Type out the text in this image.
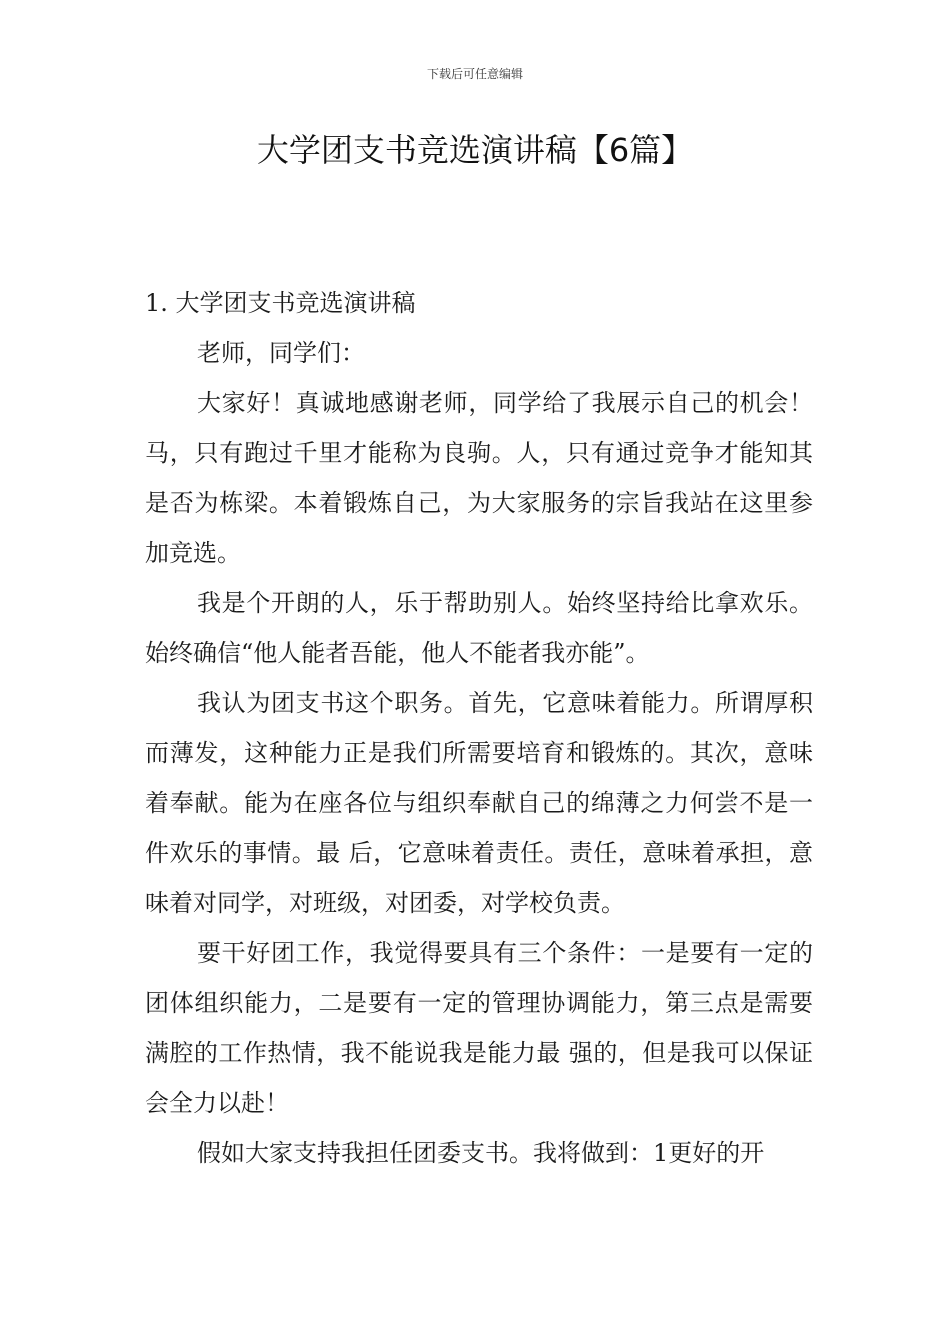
下载后可任意编辑
大学团支书竞选演讲稿【6篇】
1. 大学团支书竞选演讲稿

老师，同学们：

大家好！真诚地感谢老师，同学给了我展示自己的机会！马，只有跑过千里才能称为良驹。人，只有通过竞争才能知其是否为栋梁。本着锻炼自己，为大家服务的宗旨我站在这里参加竞选。

我是个开朗的人，乐于帮助别人。始终坚持给比拿欢乐。始终确信“他人能者吾能，他人不能者我亦能”。

我认为团支书这个职务。首先，它意味着能力。所谓厚积而薄发，这种能力正是我们所需要培育和锻炼的。其次，意味着奉献。能为在座各位与组织奉献自己的绵薄之力何尝不是一件欢乐的事情。最 后，它意味着责任。责任，意味着承担，意味着对同学，对班级，对团委，对学校负责。

要干好团工作，我觉得要具有三个条件：一是要有一定的团体组织能力，二是要有一定的管理协调能力，第三点是需要满腔的工作热情，我不能说我是能力最 强的，但是我可以保证会全力以赴！

假如大家支持我担任团委支书。我将做到：1更好的开
